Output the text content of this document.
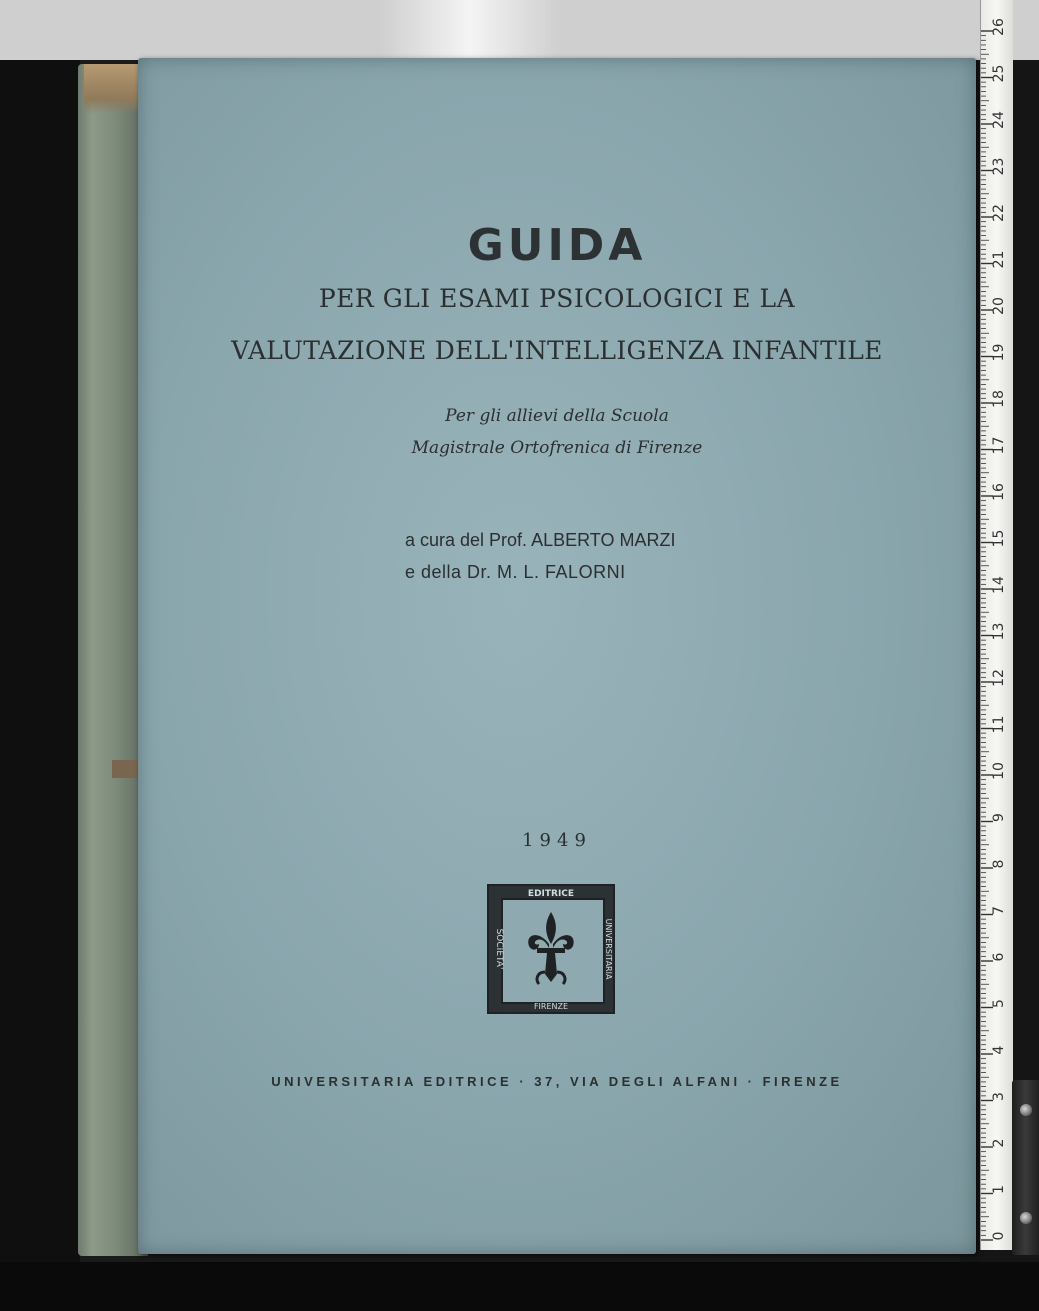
GUIDA
PER GLI ESAMI PSICOLOGICI E LA
VALUTAZIONE DELL'INTELLIGENZA INFANTILE
Per gli allievi della Scuola
Magistrale Ortofrenica di Firenze
a cura del Prof. ALBERTO MARZI
e della Dr. M. L. FALORNI
1949
EDITRICE
FIRENZE
SOCIETA'	UNIVERSITARIA
UNIVERSITARIA EDITRICE · 37, VIA DEGLI ALFANI · FIRENZE
0
1
2
3
4
5
6
7
8
9
10
11
12
13
14
15
16
17
18
19
20
21
22
23
24
25
26
